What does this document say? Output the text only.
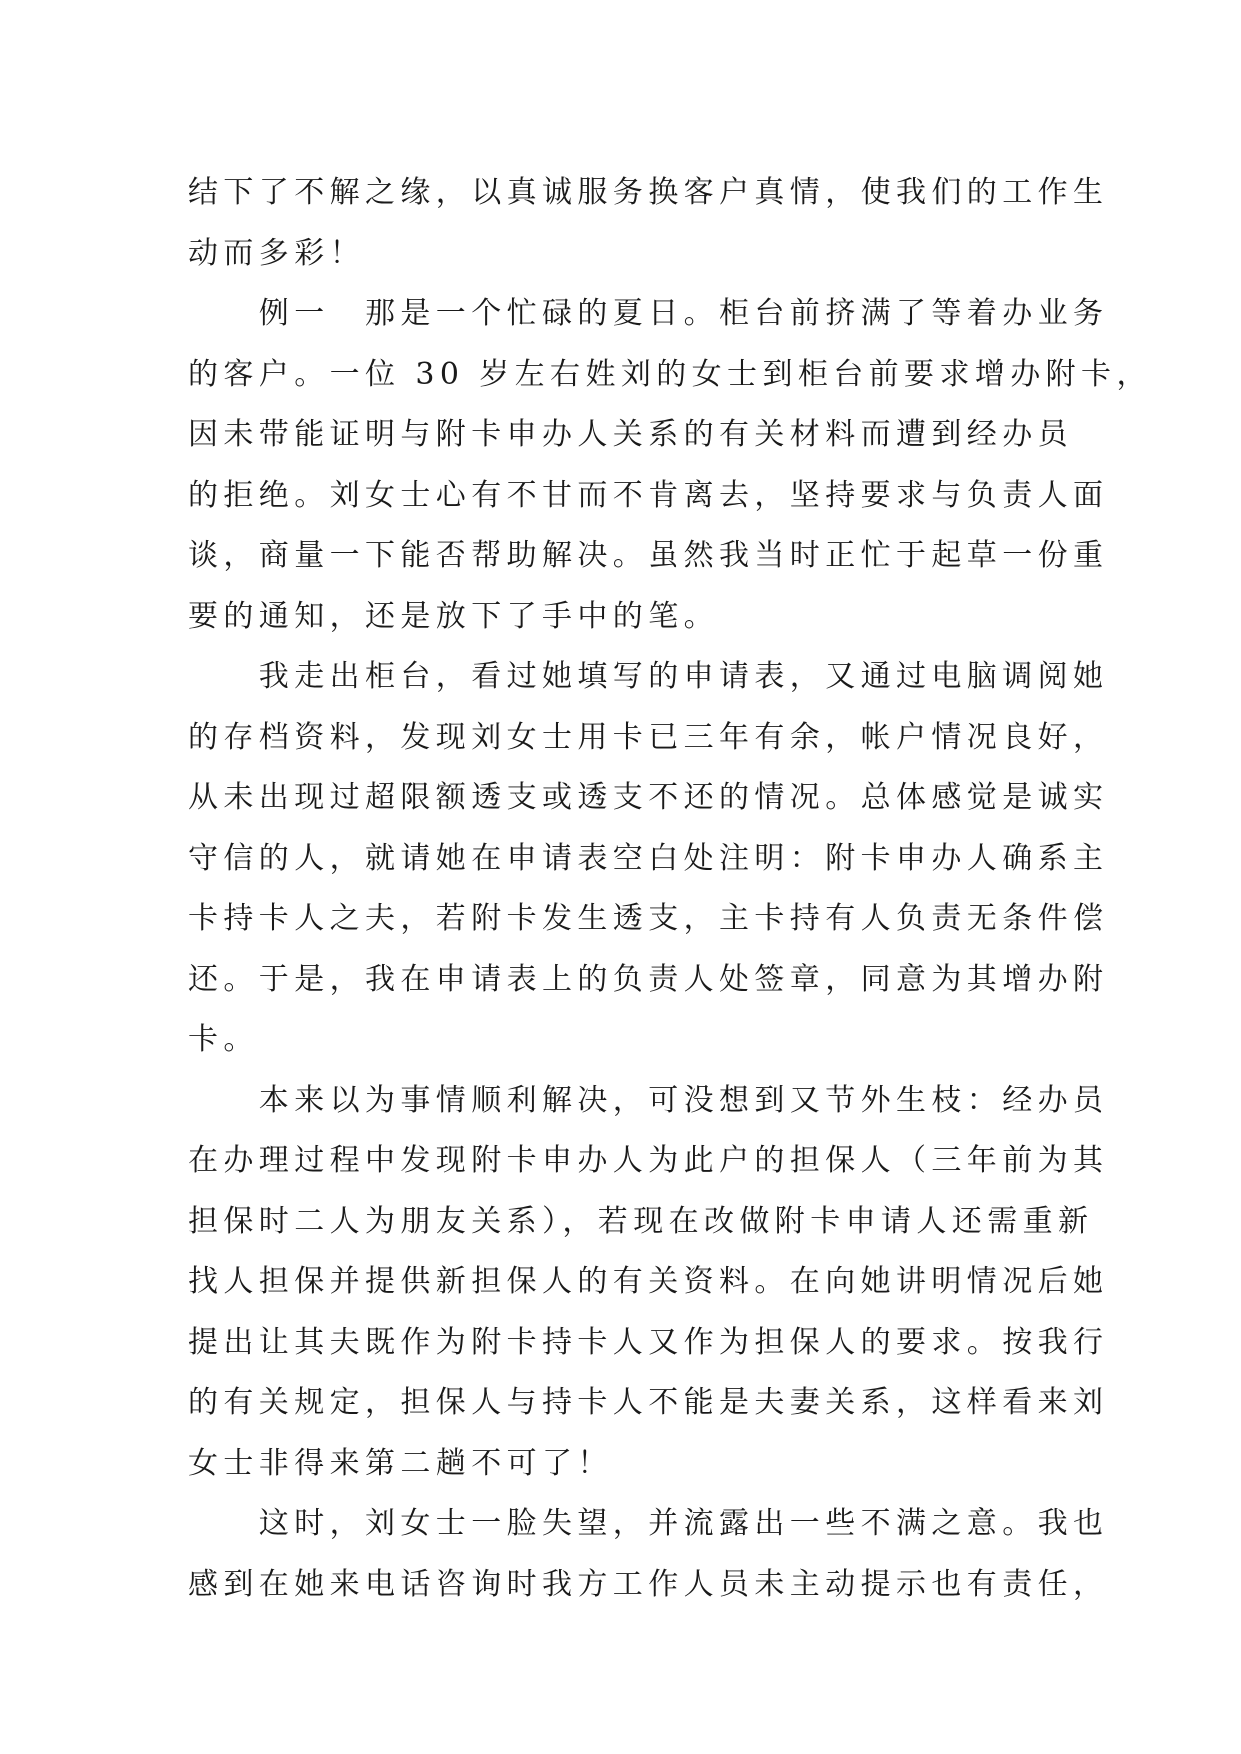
结下了不解之缘，以真诚服务换客户真情，使我们的工作生
动而多彩！
　　例一　那是一个忙碌的夏日。柜台前挤满了等着办业务
的客户。一位 30 岁左右姓刘的女士到柜台前要求增办附卡，
因未带能证明与附卡申办人关系的有关材料而遭到经办员
的拒绝。刘女士心有不甘而不肯离去，坚持要求与负责人面
谈，商量一下能否帮助解决。虽然我当时正忙于起草一份重
要的通知，还是放下了手中的笔。
　　我走出柜台，看过她填写的申请表，又通过电脑调阅她
的存档资料，发现刘女士用卡已三年有余，帐户情况良好，
从未出现过超限额透支或透支不还的情况。总体感觉是诚实
守信的人，就请她在申请表空白处注明：附卡申办人确系主
卡持卡人之夫，若附卡发生透支，主卡持有人负责无条件偿
还。于是，我在申请表上的负责人处签章，同意为其增办附
卡。
　　本来以为事情顺利解决，可没想到又节外生枝：经办员
在办理过程中发现附卡申办人为此户的担保人（三年前为其
担保时二人为朋友关系），若现在改做附卡申请人还需重新
找人担保并提供新担保人的有关资料。在向她讲明情况后她
提出让其夫既作为附卡持卡人又作为担保人的要求。按我行
的有关规定，担保人与持卡人不能是夫妻关系，这样看来刘
女士非得来第二趟不可了！
　　这时，刘女士一脸失望，并流露出一些不满之意。我也
感到在她来电话咨询时我方工作人员未主动提示也有责任，
